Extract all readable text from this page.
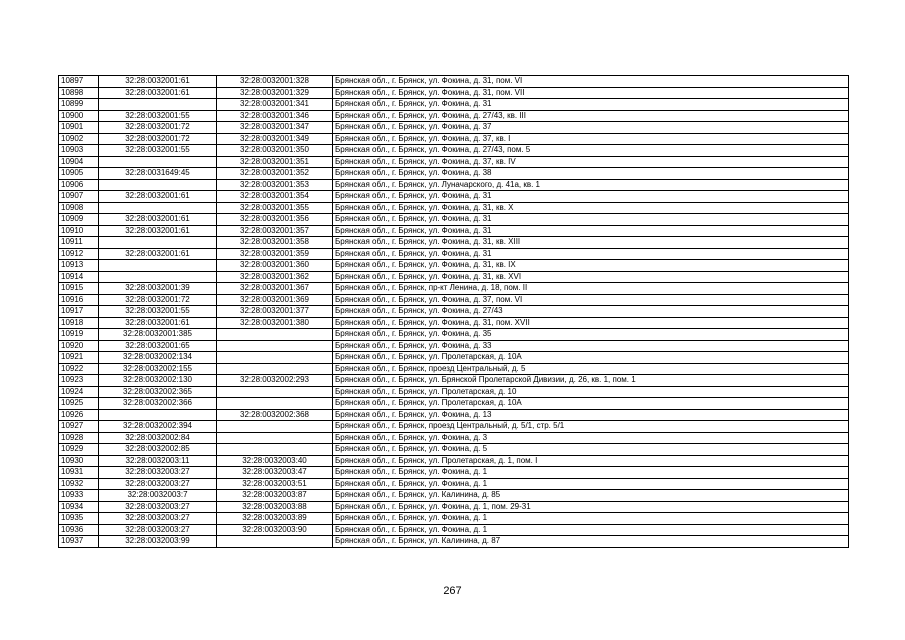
10897	32:28:0032001:61	32:28:0032001:328	Брянская обл., г. Брянск, ул. Фокина, д. 31, пом. VI
10898	32:28:0032001:61	32:28:0032001:329	Брянская обл., г. Брянск, ул. Фокина, д. 31, пом. VII
10899		32:28:0032001:341	Брянская обл., г. Брянск, ул. Фокина, д. 31
10900	32:28:0032001:55	32:28:0032001:346	Брянская обл., г. Брянск, ул. Фокина, д. 27/43, кв. III
10901	32:28:0032001:72	32:28:0032001:347	Брянская обл., г. Брянск, ул. Фокина, д. 37
10902	32:28:0032001:72	32:28:0032001:349	Брянская обл., г. Брянск, ул. Фокина, д. 37, кв. I
10903	32:28:0032001:55	32:28:0032001:350	Брянская обл., г. Брянск, ул. Фокина, д. 27/43, пом. 5
10904		32:28:0032001:351	Брянская обл., г. Брянск, ул. Фокина, д. 37, кв. IV
10905	32:28:0031649:45	32:28:0032001:352	Брянская обл., г. Брянск, ул. Фокина, д. 38
10906		32:28:0032001:353	Брянская обл., г. Брянск, ул. Луначарского, д. 41а, кв. 1
10907	32:28:0032001:61	32:28:0032001:354	Брянская обл., г. Брянск, ул. Фокина, д. 31
10908		32:28:0032001:355	Брянская обл., г. Брянск, ул. Фокина, д. 31, кв. X
10909	32:28:0032001:61	32:28:0032001:356	Брянская обл., г. Брянск, ул. Фокина, д. 31
10910	32:28:0032001:61	32:28:0032001:357	Брянская обл., г. Брянск, ул. Фокина, д. 31
10911		32:28:0032001:358	Брянская обл., г. Брянск, ул. Фокина, д. 31, кв. XIII
10912	32:28:0032001:61	32:28:0032001:359	Брянская обл., г. Брянск, ул. Фокина, д. 31
10913		32:28:0032001:360	Брянская обл., г. Брянск, ул. Фокина, д. 31, кв. IX
10914		32:28:0032001:362	Брянская обл., г. Брянск, ул. Фокина, д. 31, кв. XVI
10915	32:28:0032001:39	32:28:0032001:367	Брянская обл., г. Брянск, пр-кт Ленина, д. 18, пом. II
10916	32:28:0032001:72	32:28:0032001:369	Брянская обл., г. Брянск, ул. Фокина, д. 37, пом. VI
10917	32:28:0032001:55	32:28:0032001:377	Брянская обл., г. Брянск, ул. Фокина, д. 27/43
10918	32:28:0032001:61	32:28:0032001:380	Брянская обл., г. Брянск, ул. Фокина, д. 31, пом. XVII
10919	32:28:0032001:385		Брянская обл., г. Брянск, ул. Фокина, д. 35
10920	32:28:0032001:65		Брянская обл., г. Брянск, ул. Фокина, д. 33
10921	32:28:0032002:134		Брянская обл., г. Брянск, ул. Пролетарская, д. 10А
10922	32:28:0032002:155		Брянская обл., г. Брянск, проезд Центральный, д. 5
10923	32:28:0032002:130	32:28:0032002:293	Брянская обл., г. Брянск, ул. Брянской Пролетарской Дивизии, д. 26, кв. 1, пом. 1
10924	32:28:0032002:365		Брянская обл., г. Брянск, ул. Пролетарская, д. 10
10925	32:28:0032002:366		Брянская обл., г. Брянск, ул. Пролетарская, д. 10А
10926		32:28:0032002:368	Брянская обл., г. Брянск, ул. Фокина, д. 13
10927	32:28:0032002:394		Брянская обл., г. Брянск, проезд Центральный, д. 5/1, стр. 5/1
10928	32:28:0032002:84		Брянская обл., г. Брянск, ул. Фокина, д. 3
10929	32:28:0032002:85		Брянская обл., г. Брянск, ул. Фокина, д. 5
10930	32:28:0032003:11	32:28:0032003:40	Брянская обл., г. Брянск, ул. Пролетарская, д. 1, пом. I
10931	32:28:0032003:27	32:28:0032003:47	Брянская обл., г. Брянск, ул. Фокина, д. 1
10932	32:28:0032003:27	32:28:0032003:51	Брянская обл., г. Брянск, ул. Фокина, д. 1
10933	32:28:0032003:7	32:28:0032003:87	Брянская обл., г. Брянск, ул. Калинина, д. 85
10934	32:28:0032003:27	32:28:0032003:88	Брянская обл., г. Брянск, ул. Фокина, д. 1, пом. 29-31
10935	32:28:0032003:27	32:28:0032003:89	Брянская обл., г. Брянск, ул. Фокина, д. 1
10936	32:28:0032003:27	32:28:0032003:90	Брянская обл., г. Брянск, ул. Фокина, д. 1
10937	32:28:0032003:99		Брянская обл., г. Брянск, ул. Калинина, д. 87
267
